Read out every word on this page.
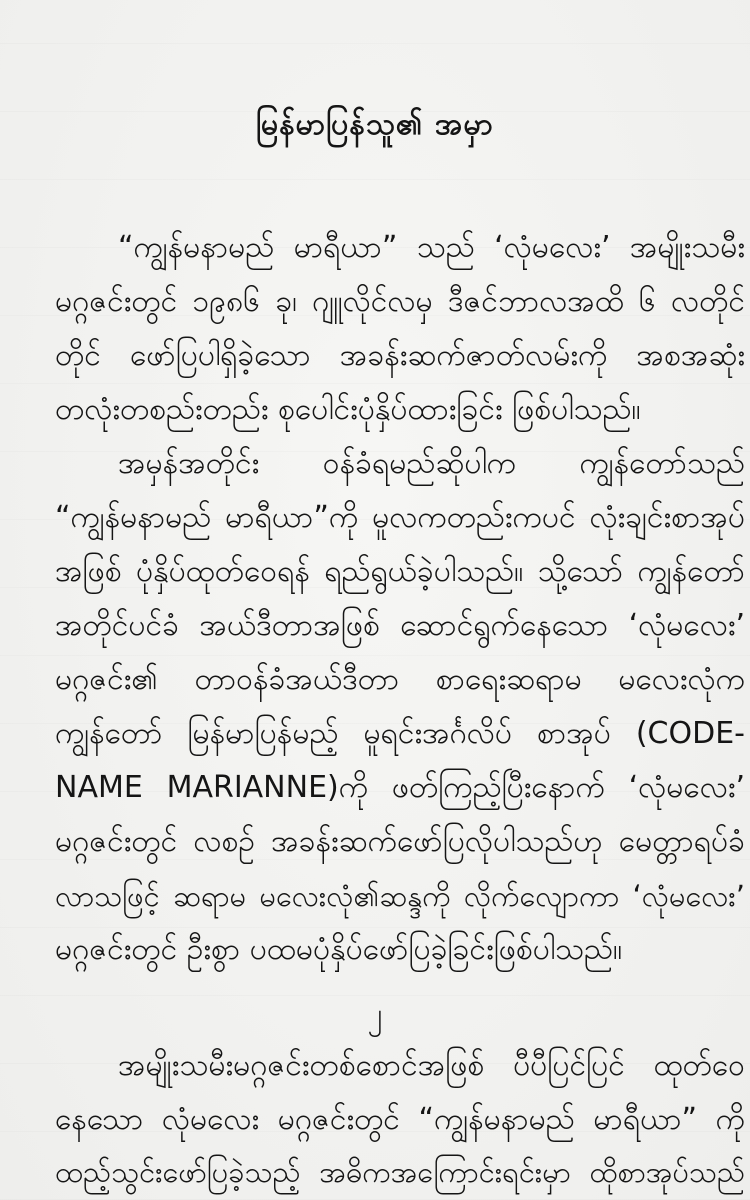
မြန်မာပြန်သူ၏ အမှာ
“ကျွန်မနာမည် မာရီယာ” သည် ‘လုံမလေး’ အမျိုးသမီး
မဂ္ဂဇင်းတွင် ၁၉၈၆ ခု၊ ဂျူလိုင်လမှ ဒီဇင်ဘာလအထိ ၆ လတိုင်
တိုင် ဖော်ပြပါရှိခဲ့သော အခန်းဆက်ဇာတ်လမ်းကို အစအဆုံး
တလုံးတစည်းတည်း စုပေါင်းပုံနှိပ်ထားခြင်း ဖြစ်ပါသည်။
အမှန်အတိုင်း ဝန်ခံရမည်ဆိုပါက ကျွန်တော်သည်
“ကျွန်မနာမည် မာရီယာ”ကို မူလကတည်းကပင် လုံးချင်းစာအုပ်
အဖြစ် ပုံနှိပ်ထုတ်ဝေရန် ရည်ရွယ်ခဲ့ပါသည်။ သို့သော် ကျွန်တော်
အတိုင်ပင်ခံ အယ်ဒီတာအဖြစ် ဆောင်ရွက်နေသော ‘လုံမလေး’
မဂ္ဂဇင်း၏ တာဝန်ခံအယ်ဒီတာ စာရေးဆရာမ မလေးလုံက
ကျွန်တော် မြန်မာပြန်မည့် မူရင်းအင်္ဂလိပ် စာအုပ် (CODE-
NAME MARIANNE)ကို ဖတ်ကြည့်ပြီးနောက် ‘လုံမလေး’
မဂ္ဂဇင်းတွင် လစဉ် အခန်းဆက်ဖော်ပြလိုပါသည်ဟု မေတ္တာရပ်ခံ
လာသဖြင့် ဆရာမ မလေးလုံ၏ဆန္ဒကို လိုက်လျောကာ ‘လုံမလေး’
မဂ္ဂဇင်းတွင် ဦးစွာ ပထမပုံနှိပ်ဖော်ပြခဲ့ခြင်းဖြစ်ပါသည်။
၂
အမျိုးသမီးမဂ္ဂဇင်းတစ်စောင်အဖြစ် ပီပီပြင်ပြင် ထုတ်ဝေ
နေသော လုံမလေး မဂ္ဂဇင်းတွင် “ကျွန်မနာမည် မာရီယာ” ကို
ထည့်သွင်းဖော်ပြခဲ့သည့် အဓိကအကြောင်းရင်းမှာ ထိုစာအုပ်သည်
